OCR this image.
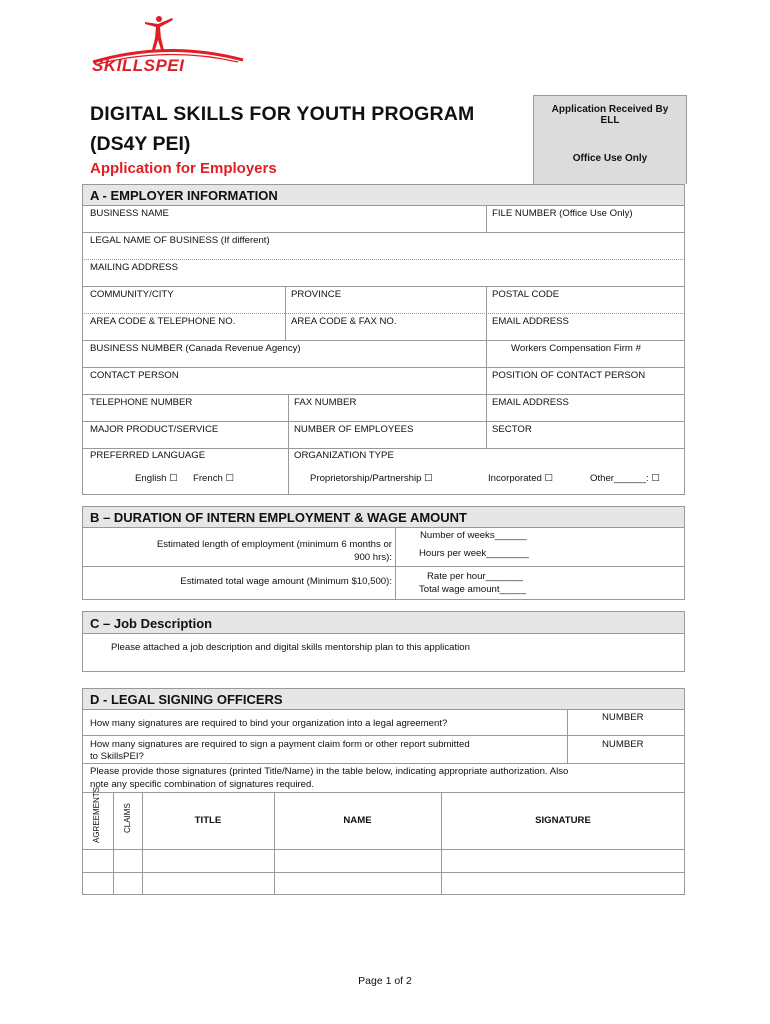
SKILLSPEI
DIGITAL SKILLS FOR YOUTH PROGRAM
(DS4Y PEI)
Application for Employers
Application Received By
ELL
Office Use Only
A - EMPLOYER INFORMATION
BUSINESS NAME	FILE NUMBER (Office Use Only)
LEGAL NAME OF BUSINESS (If different)
MAILING ADDRESS
COMMUNITY/CITY	PROVINCE	POSTAL CODE
AREA CODE & TELEPHONE NO.	AREA CODE & FAX NO.	EMAIL ADDRESS
BUSINESS NUMBER (Canada Revenue Agency)	Workers Compensation Firm #
CONTACT PERSON	POSITION OF CONTACT PERSON
TELEPHONE NUMBER	FAX NUMBER	EMAIL ADDRESS
MAJOR PRODUCT/SERVICE	NUMBER OF EMPLOYEES	SECTOR
PREFERRED LANGUAGE
English ☐ French ☐
ORGANIZATION TYPE
Proprietorship/Partnership ☐	Incorporated ☐	Other______: ☐
B – DURATION OF INTERN EMPLOYMENT & WAGE AMOUNT
Estimated length of employment (minimum 6 months or
900 hrs):
Number of weeks______
Hours per week________
Estimated total wage amount (Minimum $10,500):	Rate per hour_______
Total wage amount_____
C – Job Description
Please attached a job description and digital skills mentorship plan to this application
D - LEGAL SIGNING OFFICERS
How many signatures are required to bind your organization into a legal agreement?
NUMBER
How many signatures are required to sign a payment claim form or other report submitted
to SkillsPEI?
NUMBER
Please provide those signatures (printed Title/Name) in the table below, indicating appropriate authorization. Also
note any specific combination of signatures required.
AGREEMENTS	CLAIMS	TITLE	NAME	SIGNATURE
Page 1 of 2
